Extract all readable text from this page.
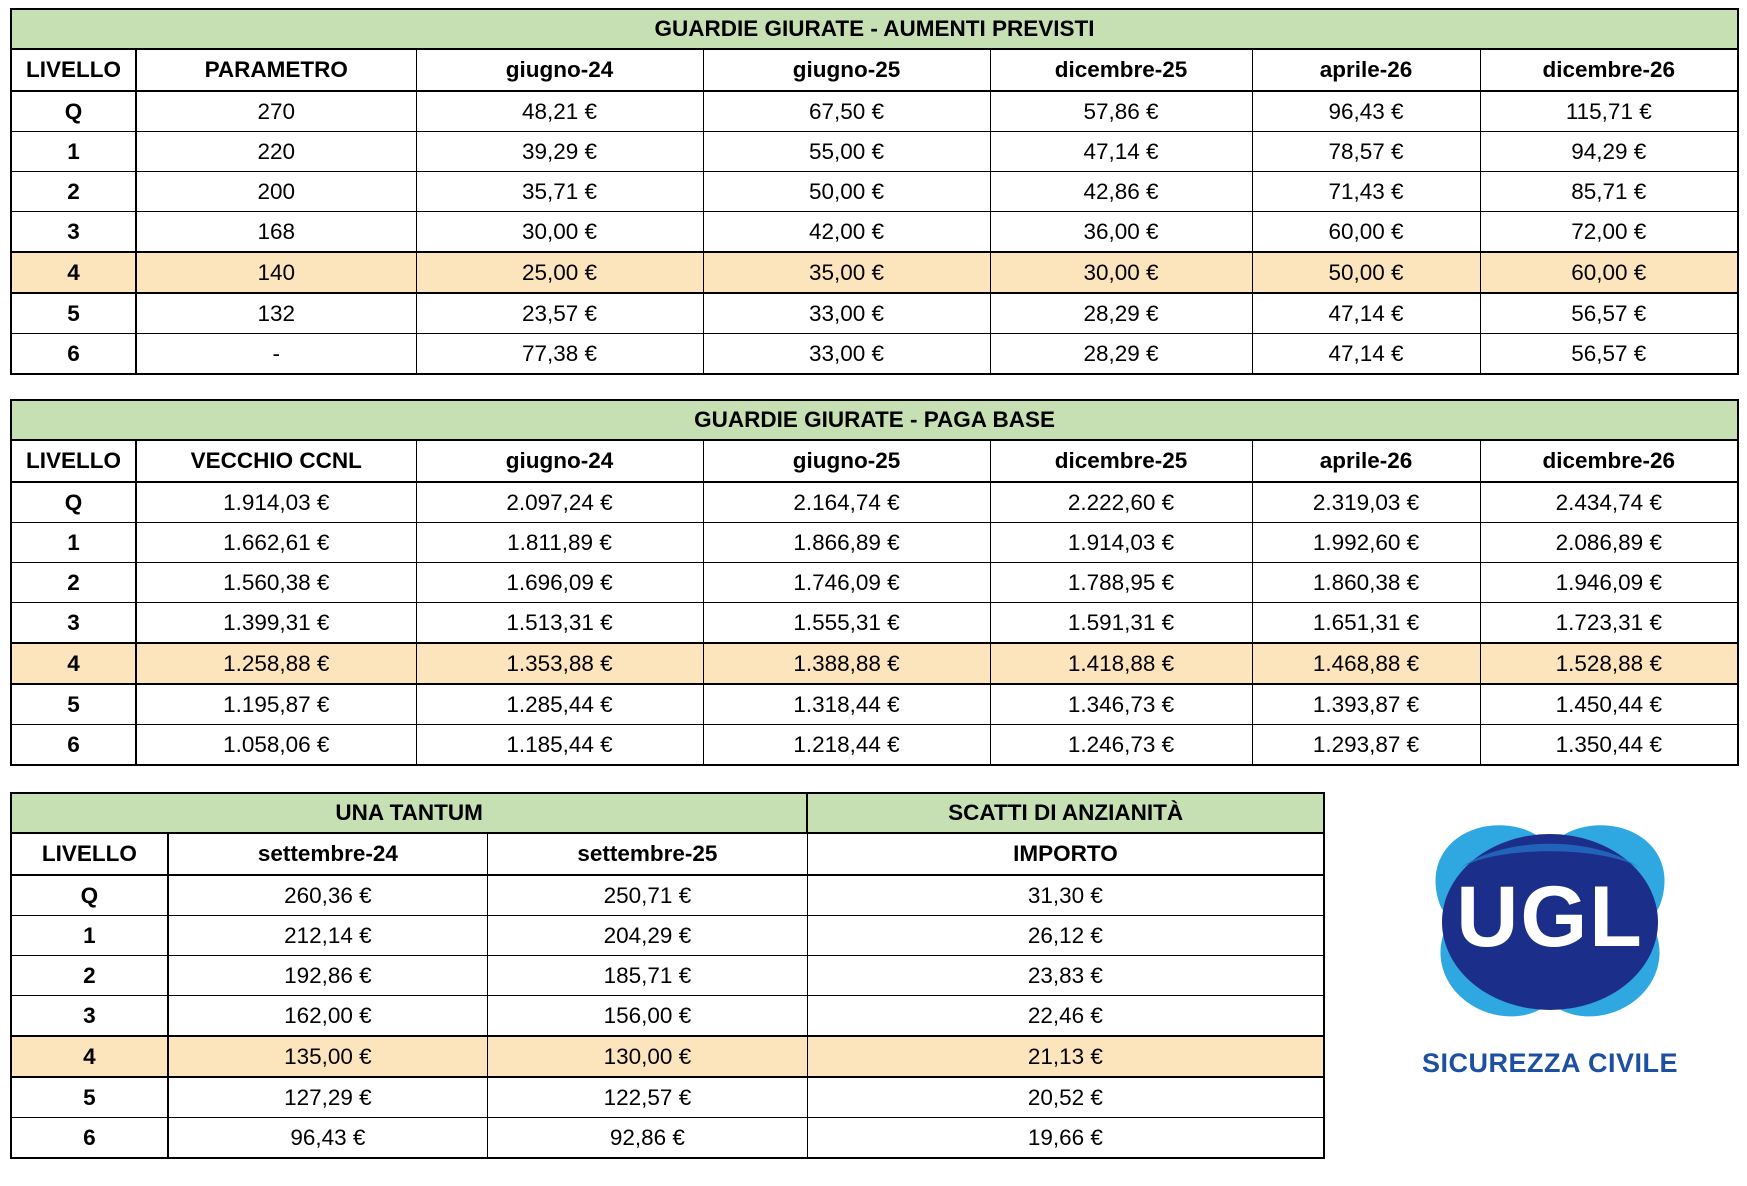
GUARDIE GIURATE - AUMENTI PREVISTI						
LIVELLO	PARAMETRO	giugno-24	giugno-25	dicembre-25	aprile-26	dicembre-26
Q	270	48,21 €	67,50 €	57,86 €	96,43 €	115,71 €
1	220	39,29 €	55,00 €	47,14 €	78,57 €	94,29 €
2	200	35,71 €	50,00 €	42,86 €	71,43 €	85,71 €
3	168	30,00 €	42,00 €	36,00 €	60,00 €	72,00 €
4	140	25,00 €	35,00 €	30,00 €	50,00 €	60,00 €
5	132	23,57 €	33,00 €	28,29 €	47,14 €	56,57 €
6	-	77,38 €	33,00 €	28,29 €	47,14 €	56,57 €
GUARDIE GIURATE - PAGA BASE						
LIVELLO	VECCHIO CCNL	giugno-24	giugno-25	dicembre-25	aprile-26	dicembre-26
Q	1.914,03 €	2.097,24 €	2.164,74 €	2.222,60 €	2.319,03 €	2.434,74 €
1	1.662,61 €	1.811,89 €	1.866,89 €	1.914,03 €	1.992,60 €	2.086,89 €
2	1.560,38 €	1.696,09 €	1.746,09 €	1.788,95 €	1.860,38 €	1.946,09 €
3	1.399,31 €	1.513,31 €	1.555,31 €	1.591,31 €	1.651,31 €	1.723,31 €
4	1.258,88 €	1.353,88 €	1.388,88 €	1.418,88 €	1.468,88 €	1.528,88 €
5	1.195,87 €	1.285,44 €	1.318,44 €	1.346,73 €	1.393,87 €	1.450,44 €
6	1.058,06 €	1.185,44 €	1.218,44 €	1.246,73 €	1.293,87 €	1.350,44 €
UNA TANTUM			SCATTI DI ANZIANITÀ
LIVELLO	settembre-24	settembre-25	IMPORTO
Q	260,36 €	250,71 €	31,30 €
1	212,14 €	204,29 €	26,12 €
2	192,86 €	185,71 €	23,83 €
3	162,00 €	156,00 €	22,46 €
4	135,00 €	130,00 €	21,13 €
5	127,29 €	122,57 €	20,52 €
6	96,43 €	92,86 €	19,66 €
UGL
SICUREZZA CIVILE
